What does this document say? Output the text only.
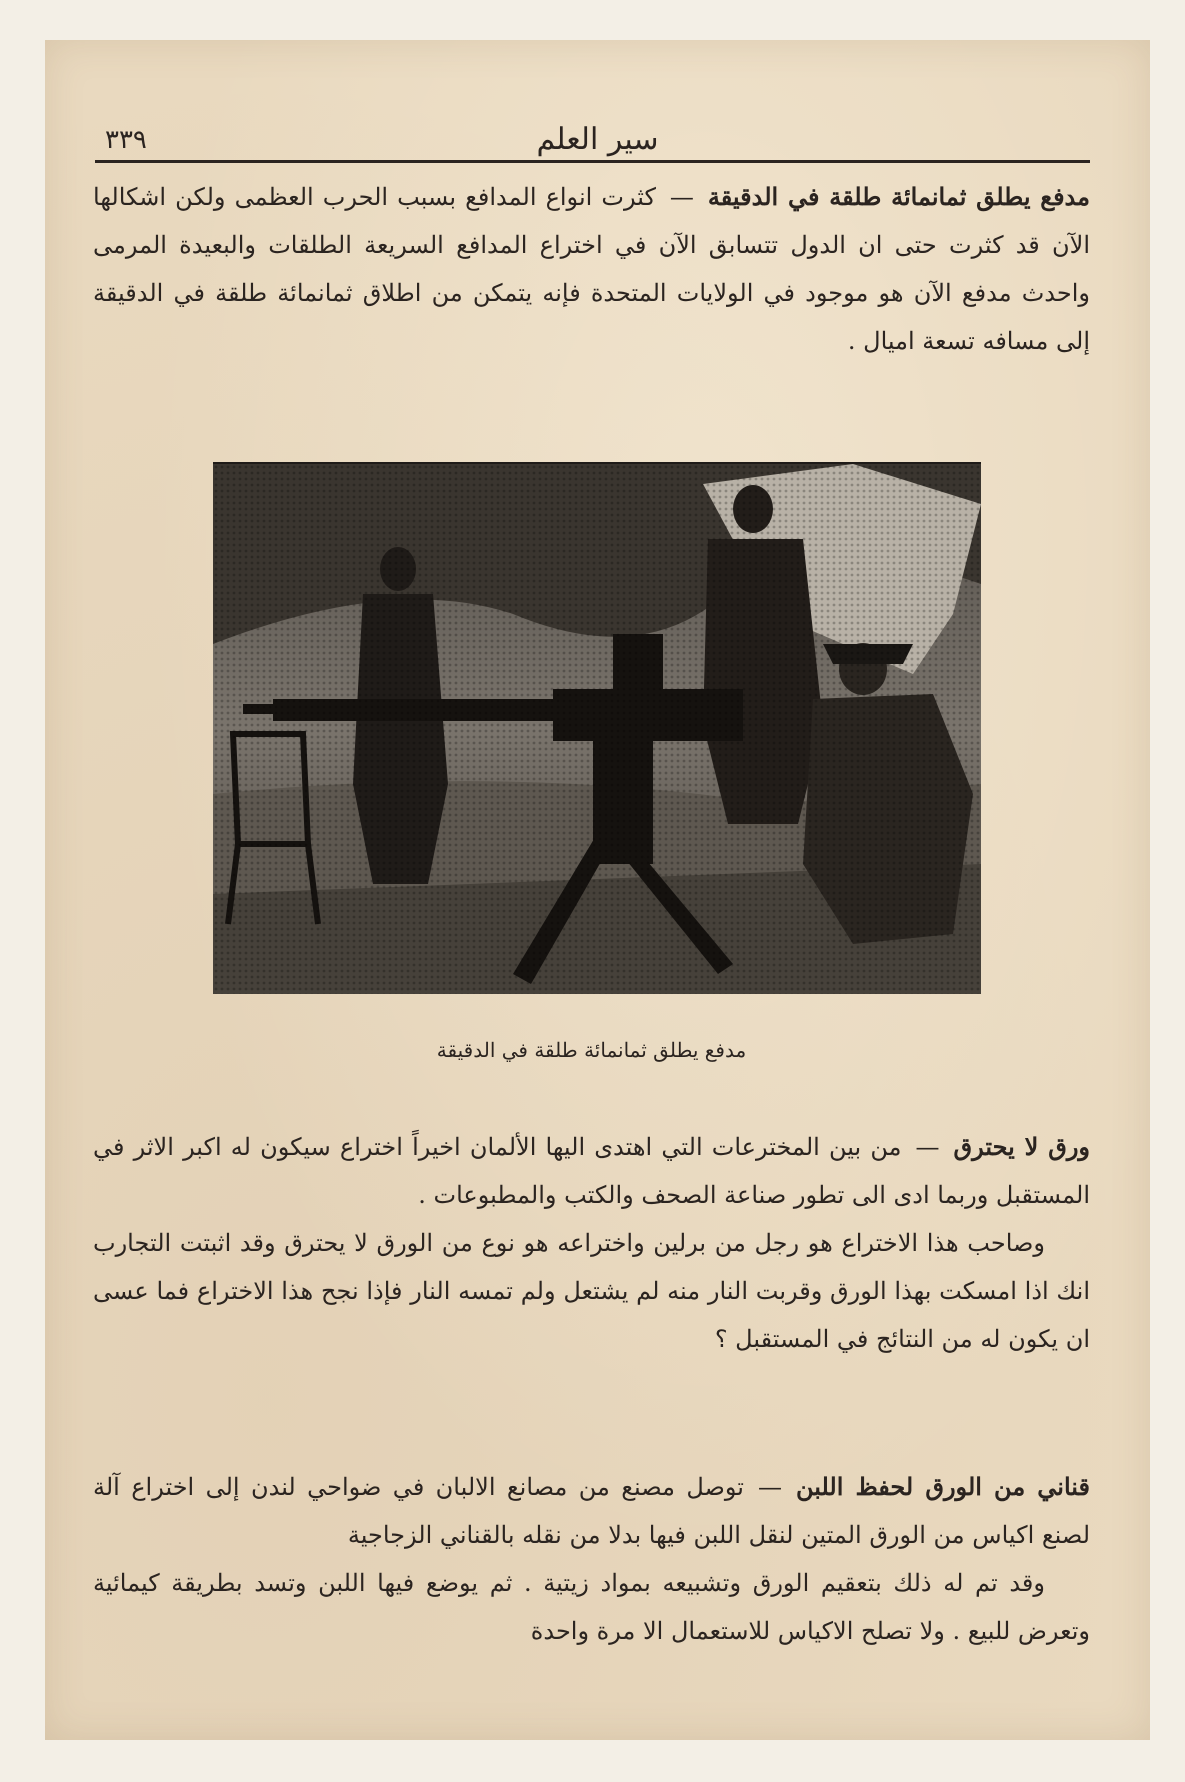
سير العلم
٣٣٩

مدفع يطلق ثمانمائة طلقة في الدقيقة—كثرت انواع المدافع بسبب الحرب العظمى ولكن اشكالها الآن قد كثرت حتى ان الدول تتسابق الآن في اختراع المدافع السريعة الطلقات والبعيدة المرمى واحدث مدفع الآن هو موجود في الولايات المتحدة فإنه يتمكن من اطلاق ثمانمائة طلقة في الدقيقة إلى مسافه تسعة اميال .

مدفع يطلق ثمانمائة طلقة في الدقيقة

ورق لا يحترق—من بين المخترعات التي اهتدى اليها الألمان اخيراً اختراع سيكون له اكبر الاثر في المستقبل وربما ادى الى تطور صناعة الصحف والكتب والمطبوعات .

وصاحب هذا الاختراع هو رجل من برلين واختراعه هو نوع من الورق لا يحترق وقد اثبتت التجارب انك اذا امسكت بهذا الورق وقربت النار منه لم يشتعل ولم تمسه النار فإذا نجح هذا الاختراع فما عسى ان يكون له من النتائج في المستقبل ؟

قناني من الورق لحفظ اللبن—توصل مصنع من مصانع الالبان في ضواحي لندن إلى اختراع آلة لصنع اكياس من الورق المتين لنقل اللبن فيها بدلا من نقله بالقناني الزجاجية

وقد تم له ذلك بتعقيم الورق وتشبيعه بمواد زيتية . ثم يوضع فيها اللبن وتسد بطريقة كيمائية وتعرض للبيع . ولا تصلح الاكياس للاستعمال الا مرة واحدة
